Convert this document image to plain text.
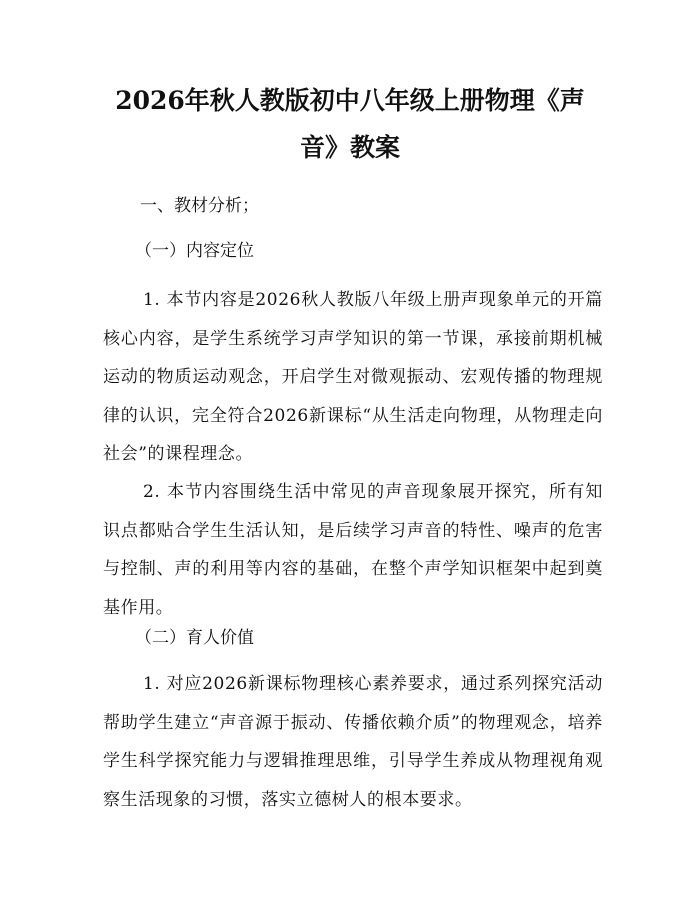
2026年秋人教版初中八年级上册物理《声
音》教案

一、教材分析；

（一）内容定位

1. 本节内容是2026秋人教版八年级上册声现象单元的开篇核心内容，是学生系统学习声学知识的第一节课，承接前期机械运动的物质运动观念，开启学生对微观振动、宏观传播的物理规律的认识，完全符合2026新课标“从生活走向物理，从物理走向社会”的课程理念。

2. 本节内容围绕生活中常见的声音现象展开探究，所有知识点都贴合学生生活认知，是后续学习声音的特性、噪声的危害与控制、声的利用等内容的基础，在整个声学知识框架中起到奠基作用。

（二）育人价值

1. 对应2026新课标物理核心素养要求，通过系列探究活动帮助学生建立“声音源于振动、传播依赖介质”的物理观念，培养学生科学探究能力与逻辑推理思维，引导学生养成从物理视角观察生活现象的习惯，落实立德树人的根本要求。
